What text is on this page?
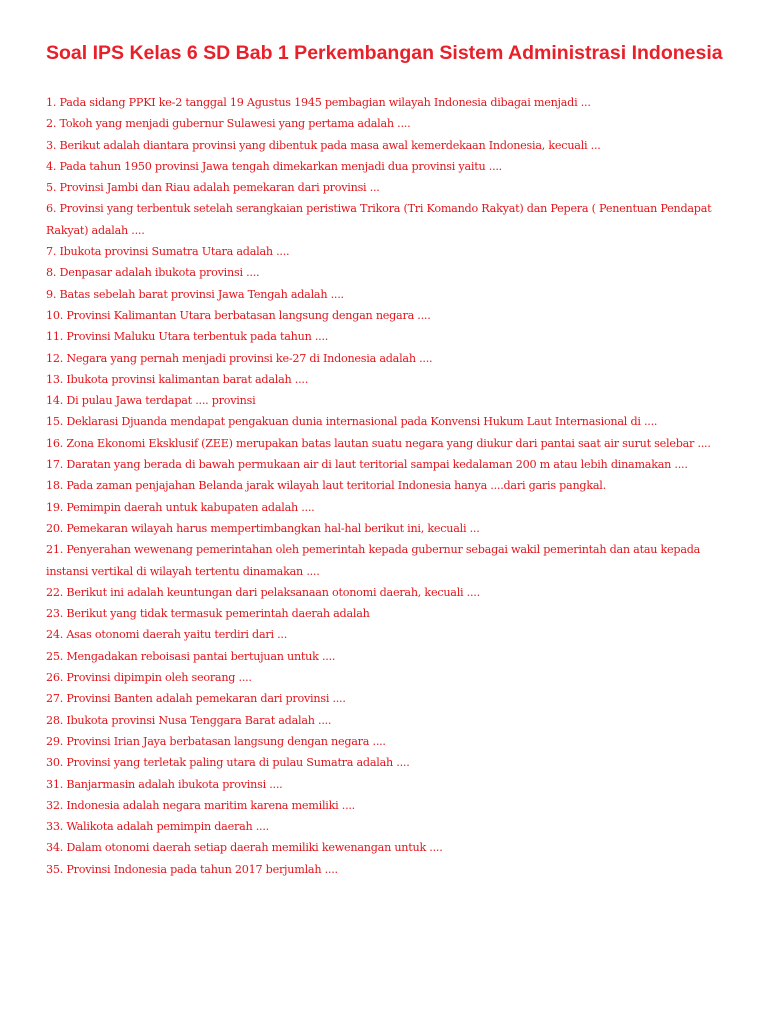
Soal IPS Kelas 6 SD Bab 1 Perkembangan Sistem Administrasi Indonesia
1. Pada sidang PPKI ke-2 tanggal 19 Agustus 1945 pembagian wilayah Indonesia dibagai menjadi ...
2. Tokoh yang menjadi gubernur Sulawesi yang pertama adalah ....
3. Berikut adalah diantara provinsi yang dibentuk pada masa awal kemerdekaan Indonesia, kecuali ...
4. Pada tahun 1950 provinsi Jawa tengah dimekarkan menjadi dua provinsi yaitu ....
5. Provinsi Jambi dan Riau adalah pemekaran dari provinsi ...
6. Provinsi yang terbentuk setelah serangkaian peristiwa Trikora (Tri Komando Rakyat) dan Pepera ( Penentuan Pendapat Rakyat) adalah ....
7. Ibukota provinsi Sumatra Utara adalah ....
8. Denpasar adalah ibukota provinsi ....
9. Batas sebelah barat provinsi Jawa Tengah adalah ....
10. Provinsi Kalimantan Utara berbatasan langsung dengan negara ....
11. Provinsi Maluku Utara terbentuk pada tahun ....
12. Negara yang pernah menjadi provinsi ke-27 di Indonesia adalah ....
13. Ibukota provinsi kalimantan barat adalah ....
14. Di pulau Jawa terdapat .... provinsi
15. Deklarasi Djuanda mendapat pengakuan dunia internasional pada Konvensi Hukum Laut Internasional di ....
16. Zona Ekonomi Eksklusif (ZEE) merupakan batas lautan suatu negara yang diukur dari pantai saat air surut selebar ....
17. Daratan yang berada di bawah permukaan air di laut teritorial sampai kedalaman 200 m atau lebih dinamakan ....
18. Pada zaman penjajahan Belanda jarak wilayah laut teritorial Indonesia hanya ....dari garis pangkal.
19. Pemimpin daerah untuk kabupaten adalah ....
20. Pemekaran wilayah harus mempertimbangkan hal-hal berikut ini, kecuali ...
21. Penyerahan wewenang pemerintahan oleh pemerintah kepada gubernur sebagai wakil pemerintah dan atau kepada instansi vertikal di wilayah tertentu dinamakan ....
22. Berikut ini adalah keuntungan dari pelaksanaan otonomi daerah, kecuali ....
23. Berikut yang tidak termasuk pemerintah daerah adalah
24. Asas otonomi daerah yaitu terdiri dari ...
25. Mengadakan reboisasi pantai bertujuan untuk ....
26. Provinsi dipimpin oleh seorang ....
27. Provinsi Banten adalah pemekaran dari provinsi ....
28. Ibukota provinsi Nusa Tenggara Barat adalah ....
29. Provinsi Irian Jaya berbatasan langsung dengan negara ....
30. Provinsi yang terletak paling utara di pulau Sumatra adalah ....
31. Banjarmasin adalah ibukota provinsi ....
32. Indonesia adalah negara maritim karena memiliki ....
33. Walikota adalah pemimpin daerah ....
34. Dalam otonomi daerah setiap daerah memiliki kewenangan untuk ....
35. Provinsi Indonesia pada tahun 2017 berjumlah ....
